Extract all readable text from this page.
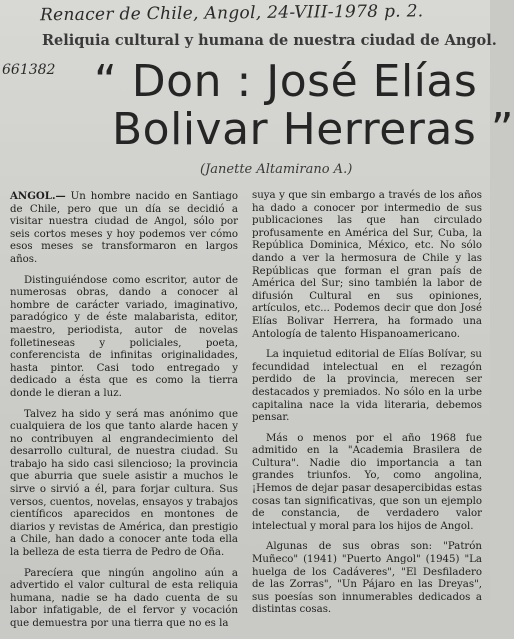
Renacer de Chile, Angol, 24-VIII-1978 p. 2.
661382
Reliquia cultural y humana de nuestra ciudad de Angol.
“ Don : José Elías
Bolivar Herreras ”
(Janette Altamirano A.)

ANGOL.— Un hombre nacido en Santiago de Chile, pero que un día se decidió a visitar nuestra ciudad de Angol, sólo por seis cortos meses y hoy podemos ver cómo esos meses se transformaron en largos años.

Distinguiéndose como escritor, autor de numerosas obras, dando a conocer al hombre de carácter variado, imaginativo, paradógico y de éste malabarista, editor, maestro, periodista, autor de novelas folletineseas y policiales, poeta, conferencista de infinitas originalidades, hasta pintor. Casi todo entregado y dedicado a ésta que es como la tierra donde le dieran a luz.

Talvez ha sido y será mas anónimo que cualquiera de los que tanto alarde hacen y no contribuyen al engrandecimiento del desarrollo cultural, de nuestra ciudad. Su trabajo ha sido casi silencioso; la provincia que aburria que suele asistir a muchos le sirve o sirvió a él, para forjar cultura. Sus versos, cuentos, novelas, ensayos y trabajos científicos aparecidos en montones de diarios y revistas de América, dan prestigio a Chile, han dado a conocer ante toda ella la belleza de esta tierra de Pedro de Oña.

Parecíera que ningún angolino aún a advertido el valor cultural de esta reliquia humana, nadie se ha dado cuenta de su labor infatigable, de el fervor y vocación que demuestra por una tierra que no es la

suya y que sin embargo a través de los años ha dado a conocer por intermedio de sus publicaciones las que han circulado profusamente en América del Sur, Cuba, la República Dominica, México, etc. No sólo dando a ver la hermosura de Chile y las Repúblicas que forman el gran país de América del Sur; sino también la labor de difusión Cultural en sus opiniones, artículos, etc... Podemos decir que don José Elías Bolivar Herrera, ha formado una Antología de talento Hispanoamericano.

La inquietud editorial de Elías Bolívar, su fecundidad intelectual en el rezagón perdido de la provincia, merecen ser destacados y premiados. No sólo en la urbe capitalina nace la vida literaria, debemos pensar.

Más o menos por el año 1968 fue admitido en la "Academia Brasilera de Cultura". Nadie dio importancia a tan grandes triunfos. Yo, como angolina, ¡Hemos de dejar pasar desapercibidas estas cosas tan significativas, que son un ejemplo de constancia, de verdadero valor intelectual y moral para los hijos de Angol.

Algunas de sus obras son: "Patrón Muñeco" (1941) "Puerto Angol" (1945) "La huelga de los Cadáveres", "El Desfiladero de las Zorras", "Un Pájaro en las Dreyas", sus poesías son innumerables dedicados a distintas cosas.
